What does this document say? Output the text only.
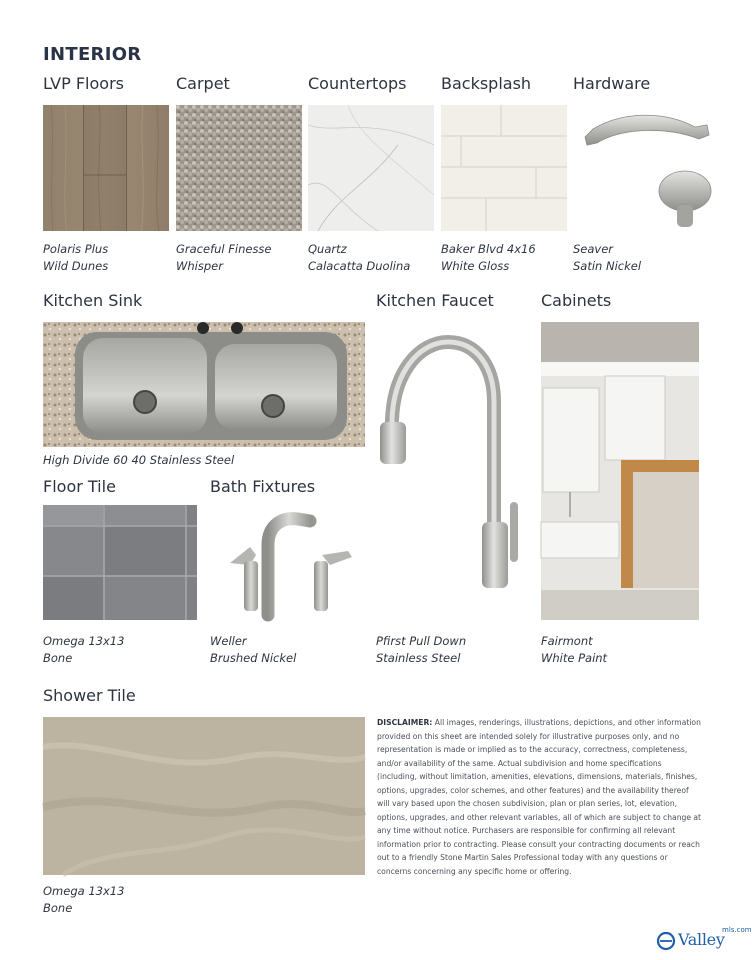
INTERIOR
LVP Floors	Carpet	Countertops Backsplash	Hardware
Polaris Plus
Wild Dunes
Graceful Finesse
Whisper
Quartz
Calacatta Duolina
Baker Blvd 4x16
White Gloss
Seaver
Satin Nickel
Kitchen Sink	Kitchen Faucet	Cabinets
High Divide 60 40 Stainless Steel
Pfirst Pull Down
Stainless Steel
Fairmont
White Paint
Floor Tile	Bath Fixtures
Omega 13x13
Bone
Weller
Brushed Nickel
Shower Tile
Omega 13x13
Bone
DISCLAIMER: All images, renderings, illustrations, depictions, and other information provided on this sheet are intended solely for illustrative purposes only, and no representation is made or implied as to the accuracy, correctness, completeness, and/or availability of the same. Actual subdivision and home specifications (including, without limitation, amenities, elevations, dimensions, materials, finishes, options, upgrades, color schemes, and other features) and the availability thereof will vary based upon the chosen subdivision, plan or plan series, lot, elevation, options, upgrades, and other relevant variables, all of which are subject to change at any time without notice. Purchasers are responsible for confirming all relevant information prior to contracting. Please consult your contracting documents or reach out to a friendly Stone Martin Sales Professional today with any questions or concerns concerning any specific home or offering.
Valley
mls.com
